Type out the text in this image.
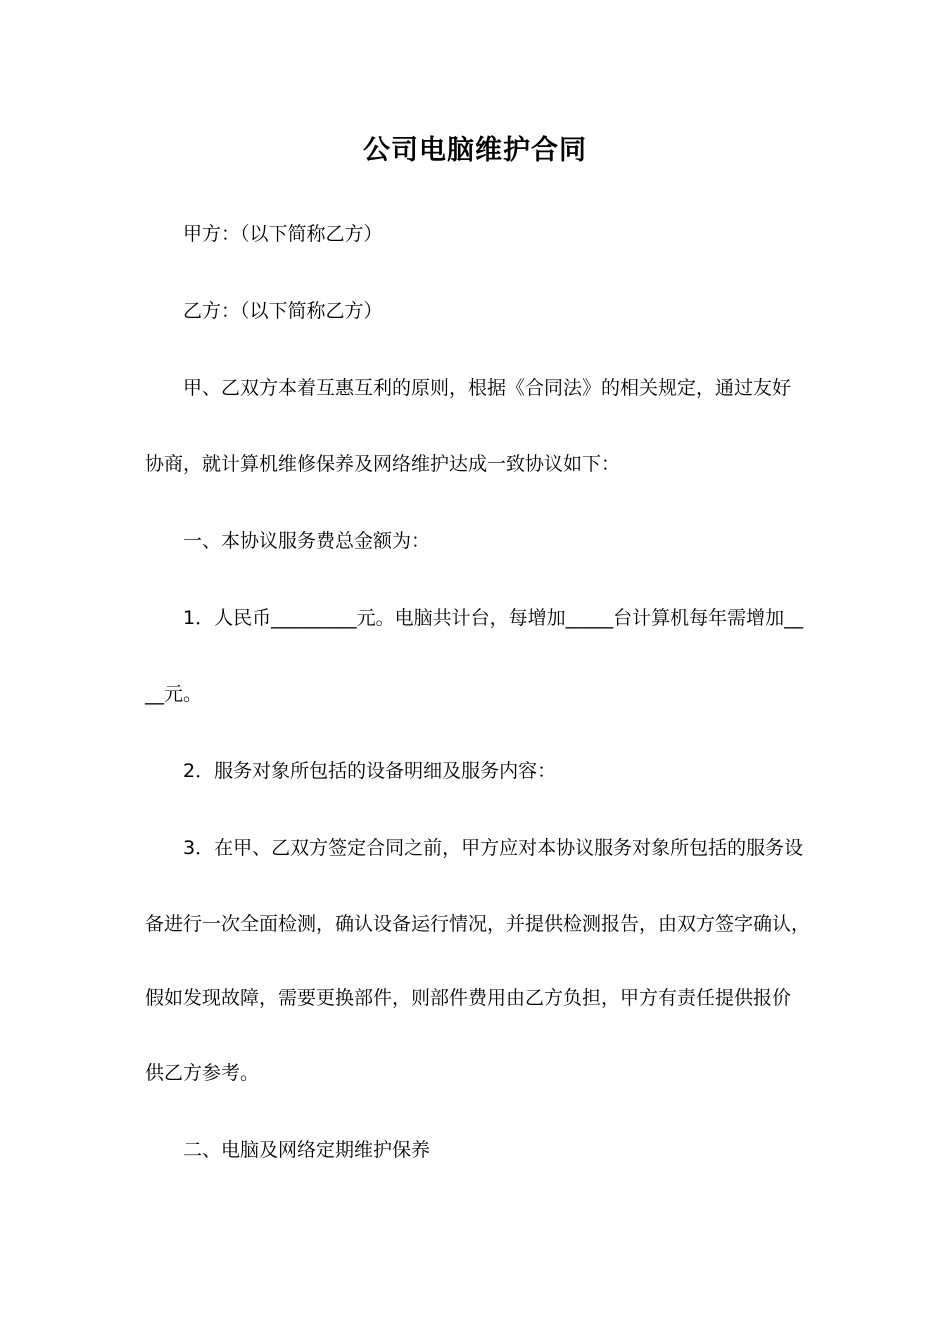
公司电脑维护合同
甲方：（以下简称乙方）
乙方：（以下简称乙方）
甲、乙双方本着互惠互利的原则，根据《合同法》的相关规定，通过友好
协商，就计算机维修保养及网络维护达成一致协议如下：
一、本协议服务费总金额为：
1．人民币_________元。电脑共计台，每增加_____台计算机每年需增加__
__元。
2．服务对象所包括的设备明细及服务内容：
3．在甲、乙双方签定合同之前，甲方应对本协议服务对象所包括的服务设
备进行一次全面检测，确认设备运行情况，并提供检测报告，由双方签字确认，
假如发现故障，需要更换部件，则部件费用由乙方负担，甲方有责任提供报价
供乙方参考。
二、电脑及网络定期维护保养
